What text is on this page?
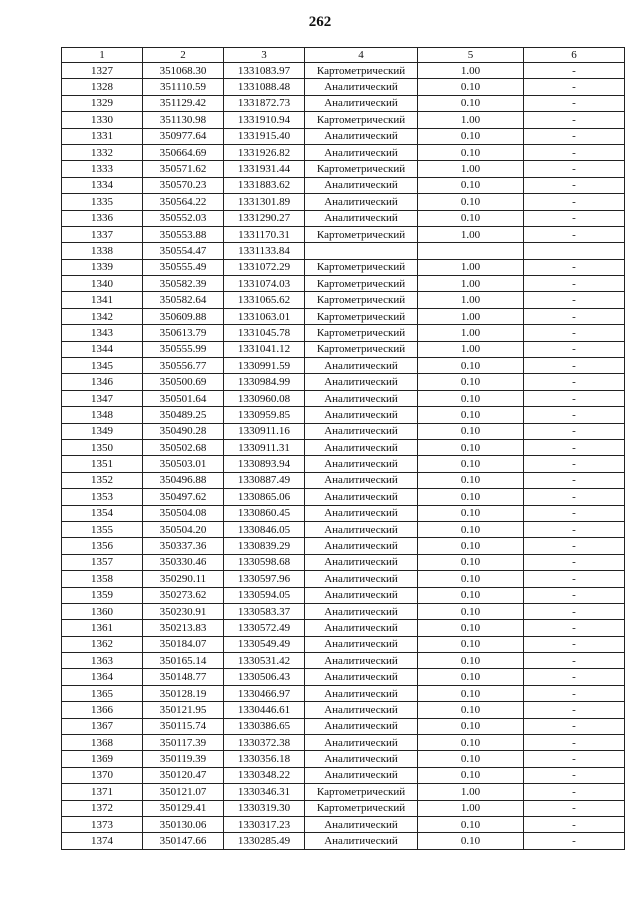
262
1	2	3	4	5	6
1327	351068.30	1331083.97	Картометрический	1.00	-
1328	351110.59	1331088.48	Аналитический	0.10	-
1329	351129.42	1331872.73	Аналитический	0.10	-
1330	351130.98	1331910.94	Картометрический	1.00	-
1331	350977.64	1331915.40	Аналитический	0.10	-
1332	350664.69	1331926.82	Аналитический	0.10	-
1333	350571.62	1331931.44	Картометрический	1.00	-
1334	350570.23	1331883.62	Аналитический	0.10	-
1335	350564.22	1331301.89	Аналитический	0.10	-
1336	350552.03	1331290.27	Аналитический	0.10	-
1337	350553.88	1331170.31	Картометрический	1.00	-
1338	350554.47	1331133.84			
1339	350555.49	1331072.29	Картометрический	1.00	-
1340	350582.39	1331074.03	Картометрический	1.00	-
1341	350582.64	1331065.62	Картометрический	1.00	-
1342	350609.88	1331063.01	Картометрический	1.00	-
1343	350613.79	1331045.78	Картометрический	1.00	-
1344	350555.99	1331041.12	Картометрический	1.00	-
1345	350556.77	1330991.59	Аналитический	0.10	-
1346	350500.69	1330984.99	Аналитический	0.10	-
1347	350501.64	1330960.08	Аналитический	0.10	-
1348	350489.25	1330959.85	Аналитический	0.10	-
1349	350490.28	1330911.16	Аналитический	0.10	-
1350	350502.68	1330911.31	Аналитический	0.10	-
1351	350503.01	1330893.94	Аналитический	0.10	-
1352	350496.88	1330887.49	Аналитический	0.10	-
1353	350497.62	1330865.06	Аналитический	0.10	-
1354	350504.08	1330860.45	Аналитический	0.10	-
1355	350504.20	1330846.05	Аналитический	0.10	-
1356	350337.36	1330839.29	Аналитический	0.10	-
1357	350330.46	1330598.68	Аналитический	0.10	-
1358	350290.11	1330597.96	Аналитический	0.10	-
1359	350273.62	1330594.05	Аналитический	0.10	-
1360	350230.91	1330583.37	Аналитический	0.10	-
1361	350213.83	1330572.49	Аналитический	0.10	-
1362	350184.07	1330549.49	Аналитический	0.10	-
1363	350165.14	1330531.42	Аналитический	0.10	-
1364	350148.77	1330506.43	Аналитический	0.10	-
1365	350128.19	1330466.97	Аналитический	0.10	-
1366	350121.95	1330446.61	Аналитический	0.10	-
1367	350115.74	1330386.65	Аналитический	0.10	-
1368	350117.39	1330372.38	Аналитический	0.10	-
1369	350119.39	1330356.18	Аналитический	0.10	-
1370	350120.47	1330348.22	Аналитический	0.10	-
1371	350121.07	1330346.31	Картометрический	1.00	-
1372	350129.41	1330319.30	Картометрический	1.00	-
1373	350130.06	1330317.23	Аналитический	0.10	-
1374	350147.66	1330285.49	Аналитический	0.10	-
